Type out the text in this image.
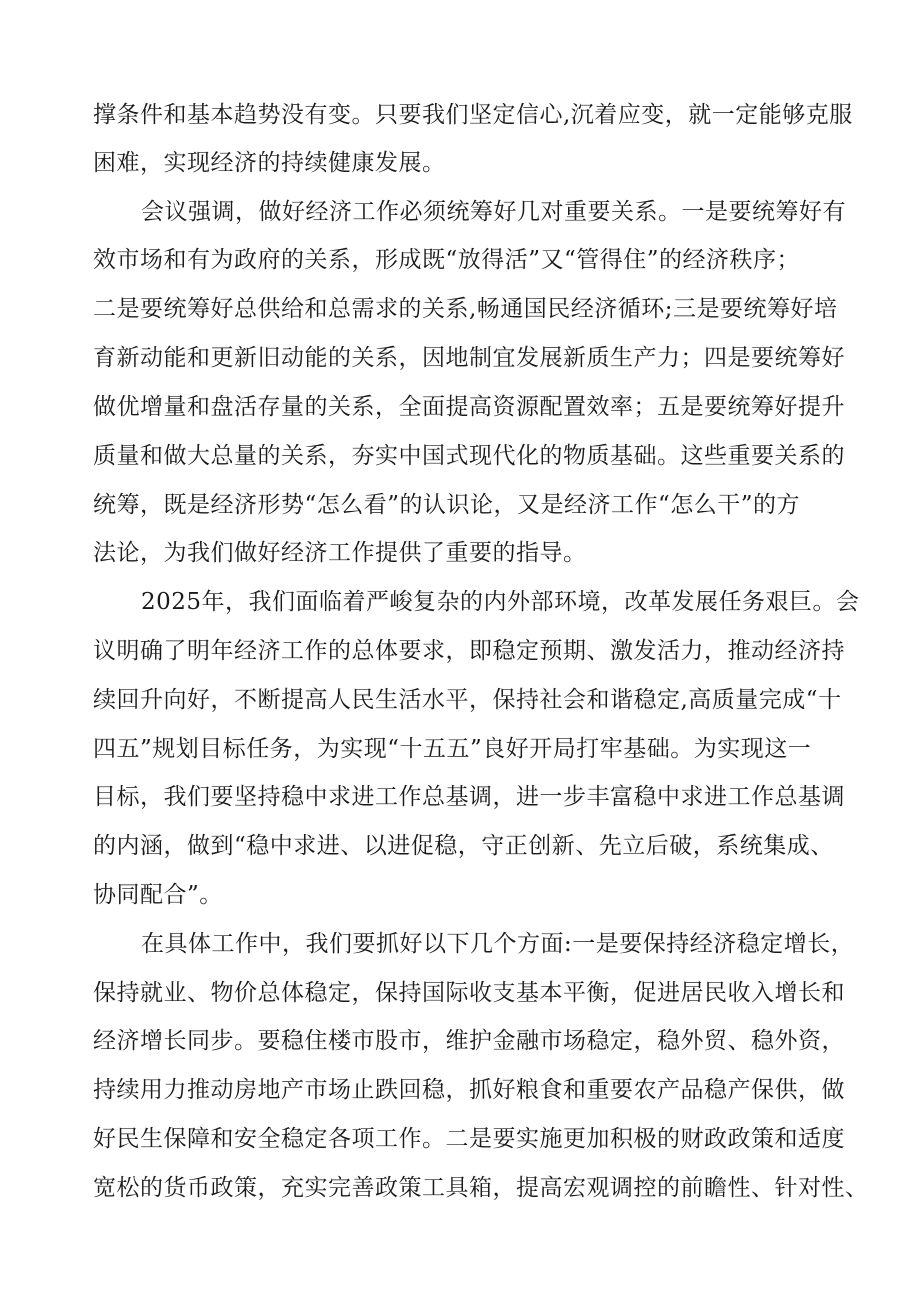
撑条件和基本趋势没有变。只要我们坚定信心,沉着应变，就一定能够克服
困难，实现经济的持续健康发展。
会议强调，做好经济工作必须统筹好几对重要关系。一是要统筹好有
效市场和有为政府的关系，形成既“放得活”又“管得住”的经济秩序；
二是要统筹好总供给和总需求的关系,畅通国民经济循环;三是要统筹好培
育新动能和更新旧动能的关系，因地制宜发展新质生产力；四是要统筹好
做优增量和盘活存量的关系，全面提高资源配置效率；五是要统筹好提升
质量和做大总量的关系，夯实中国式现代化的物质基础。这些重要关系的
统筹，既是经济形势“怎么看”的认识论，又是经济工作“怎么干”的方
法论，为我们做好经济工作提供了重要的指导。
2025年，我们面临着严峻复杂的内外部环境，改革发展任务艰巨。会
议明确了明年经济工作的总体要求，即稳定预期、激发活力，推动经济持
续回升向好，不断提高人民生活水平，保持社会和谐稳定,高质量完成“十
四五”规划目标任务，为实现“十五五”良好开局打牢基础。为实现这一
目标，我们要坚持稳中求进工作总基调，进一步丰富稳中求进工作总基调
的内涵，做到“稳中求进、以进促稳，守正创新、先立后破，系统集成、
协同配合”。
在具体工作中，我们要抓好以下几个方面:一是要保持经济稳定增长，
保持就业、物价总体稳定，保持国际收支基本平衡，促进居民收入增长和
经济增长同步。要稳住楼市股市，维护金融市场稳定，稳外贸、稳外资，
持续用力推动房地产市场止跌回稳，抓好粮食和重要农产品稳产保供，做
好民生保障和安全稳定各项工作。二是要实施更加积极的财政政策和适度
宽松的货币政策，充实完善政策工具箱，提高宏观调控的前瞻性、针对性、
